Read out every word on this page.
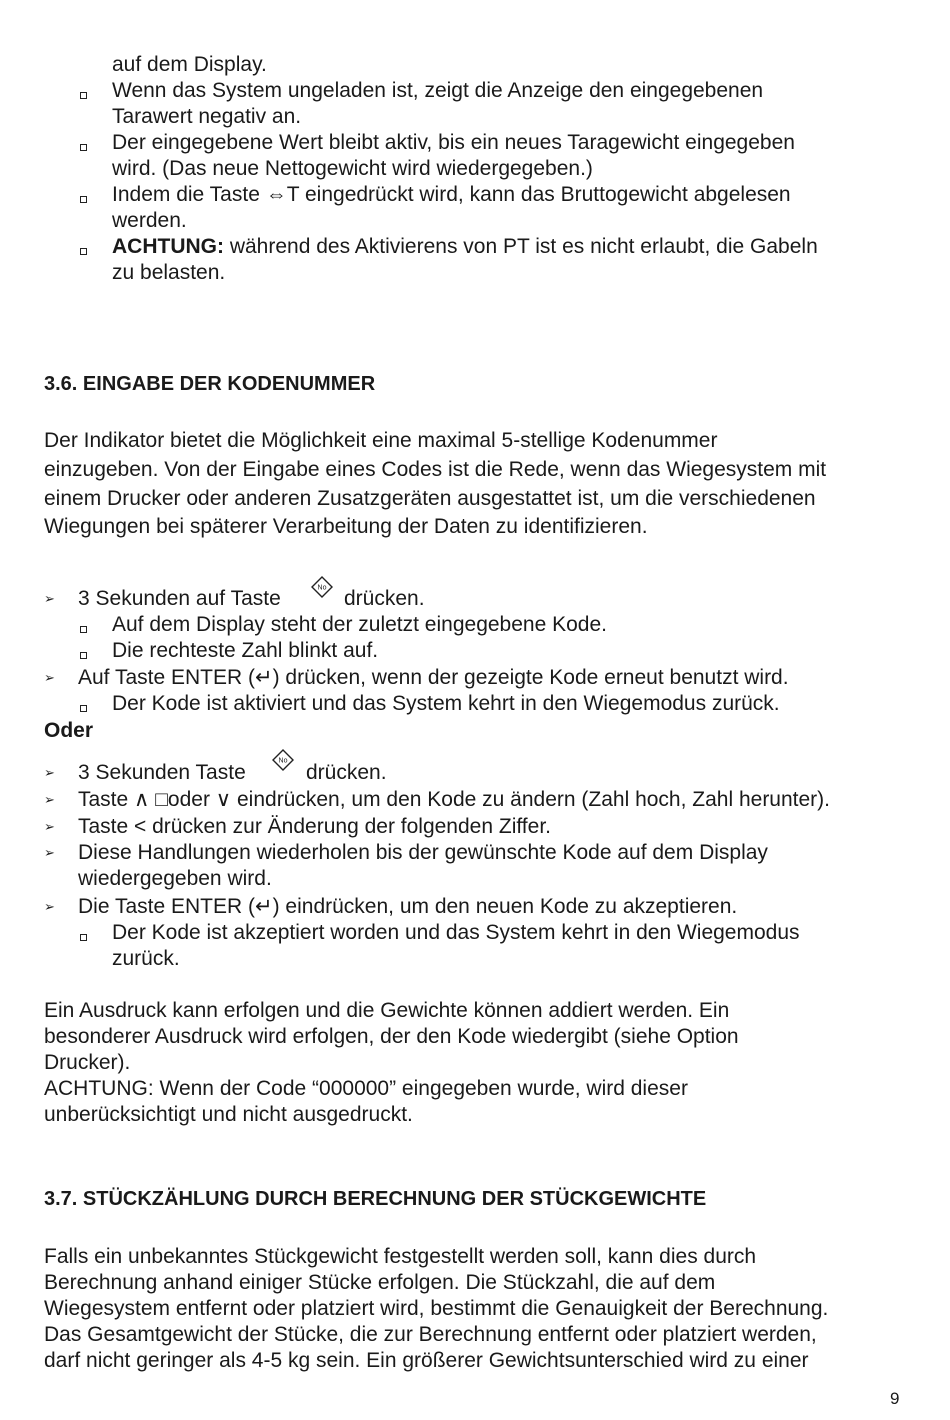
auf dem Display.
Wenn das System ungeladen ist, zeigt die Anzeige den eingegebenen
Tarawert negativ an.
Der eingegebene Wert bleibt aktiv, bis ein neues Taragewicht eingegeben
wird. (Das neue Nettogewicht wird wiedergegeben.)
Indem die Taste ⇔T eingedrückt wird, kann das Bruttogewicht abgelesen
werden.
ACHTUNG: während des Aktivierens von PT ist es nicht erlaubt, die Gabeln
zu belasten.
3.6. EINGABE DER KODENUMMER
Der Indikator bietet die Möglichkeit eine maximal 5-stellige Kodenummer
einzugeben. Von der Eingabe eines Codes ist die Rede, wenn das Wiegesystem mit
einem Drucker oder anderen Zusatzgeräten ausgestattet ist, um die verschiedenen
Wiegungen bei späterer Verarbeitung der Daten zu identifizieren.
➢ 3 Sekunden auf Taste	No drücken.
Auf dem Display steht der zuletzt eingegebene Kode.
Die rechteste Zahl blinkt auf.
➢ Auf Taste ENTER (↵) drücken, wenn der gezeigte Kode erneut benutzt wird.
Der Kode ist aktiviert und das System kehrt in den Wiegemodus zurück.
Oder
➢ 3 Sekunden Taste	No drücken.
➢ Taste ∧ □oder ∨ eindrücken, um den Kode zu ändern (Zahl hoch, Zahl herunter).
➢ Taste < drücken zur Änderung der folgenden Ziffer.
➢ Diese Handlungen wiederholen bis der gewünschte Kode auf dem Display
wiedergegeben wird.
➢ Die Taste ENTER (↵) eindrücken, um den neuen Kode zu akzeptieren.
Der Kode ist akzeptiert worden und das System kehrt in den Wiegemodus
zurück.
Ein Ausdruck kann erfolgen und die Gewichte können addiert werden. Ein
besonderer Ausdruck wird erfolgen, der den Kode wiedergibt (siehe Option
Drucker).
ACHTUNG: Wenn der Code “000000” eingegeben wurde, wird dieser
unberücksichtigt und nicht ausgedruckt.
3.7. STÜCKZÄHLUNG DURCH BERECHNUNG DER STÜCKGEWICHTE
Falls ein unbekanntes Stückgewicht festgestellt werden soll, kann dies durch
Berechnung anhand einiger Stücke erfolgen. Die Stückzahl, die auf dem
Wiegesystem entfernt oder platziert wird, bestimmt die Genauigkeit der Berechnung.
Das Gesamtgewicht der Stücke, die zur Berechnung entfernt oder platziert werden,
darf nicht geringer als 4-5 kg sein. Ein größerer Gewichtsunterschied wird zu einer
9
